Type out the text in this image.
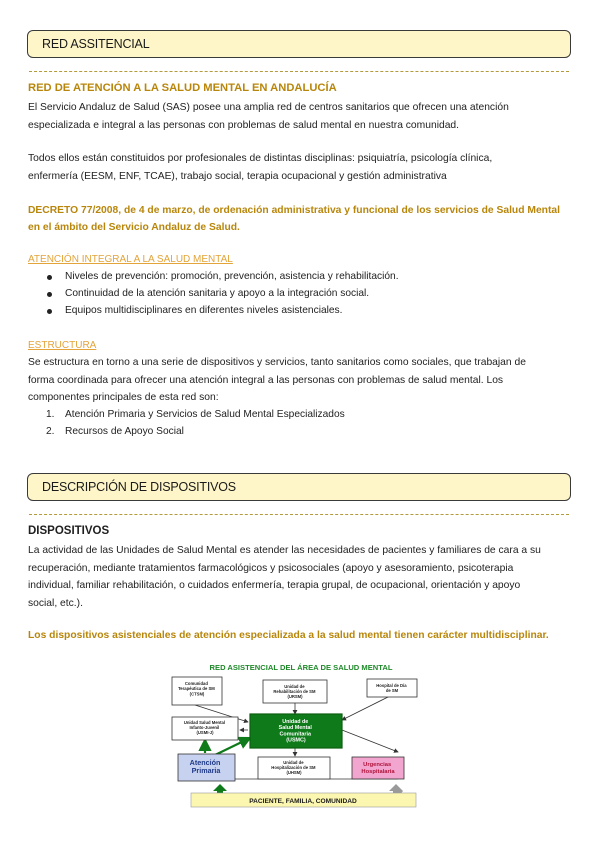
RED ASSITENCIAL
RED DE ATENCIÓN A LA SALUD MENTAL EN ANDALUCÍA
El Servicio Andaluz de Salud (SAS) posee una amplia red de centros sanitarios que ofrecen una atención
especializada e integral a las personas con problemas de salud mental en nuestra comunidad.
Todos ellos están constituidos por profesionales de distintas disciplinas: psiquiatría, psicología clínica,
enfermería (EESM, ENF, TCAE), trabajo social, terapia ocupacional y gestión administrativa
DECRETO 77/2008, de 4 de marzo, de ordenación administrativa y funcional de los servicios de Salud Mental
en el ámbito del Servicio Andaluz de Salud.
ATENCIÓN INTEGRAL A LA SALUD MENTAL
Niveles de prevención: promoción, prevención, asistencia y rehabilitación.
Continuidad de la atención sanitaria y apoyo a la integración social.
Equipos multidisciplinares en diferentes niveles asistenciales.
ESTRUCTURA
Se estructura en torno a una serie de dispositivos y servicios, tanto sanitarios como sociales, que trabajan de
forma coordinada para ofrecer una atención integral a las personas con problemas de salud mental. Los
componentes principales de esta red son:
1. Atención Primaria y Servicios de Salud Mental Especializados
2. Recursos de Apoyo Social
DESCRIPCIÓN DE DISPOSITIVOS
DISPOSITIVOS
La actividad de las Unidades de Salud Mental es atender las necesidades de pacientes y familiares de cara a su
recuperación, mediante tratamientos farmacológicos y psicosociales (apoyo y asesoramiento, psicoterapia
individual, familiar rehabilitación, o cuidados enfermería, terapia grupal, de ocupacional, orientación y apoyo
social, etc.).
Los dispositivos asistenciales de atención especializada a la salud mental tienen carácter multidisciplinar.
RED ASISTENCIAL DEL ÁREA DE SALUD MENTAL
Comunidad Terapéutica de SM (CTSM)
Unidad de Rehabilitación de SM (URSM)
Hospital de Día de SM
Unidad Salud Mental Infanto-Juvenil (USMI-J)
Unidad de Salud Mental Comunitaria (USMC)
Atención Primaria
Unidad de Hospitalización de SM (UHSM)
Urgencias Hospitalaria
PACIENTE, FAMILIA, COMUNIDAD
